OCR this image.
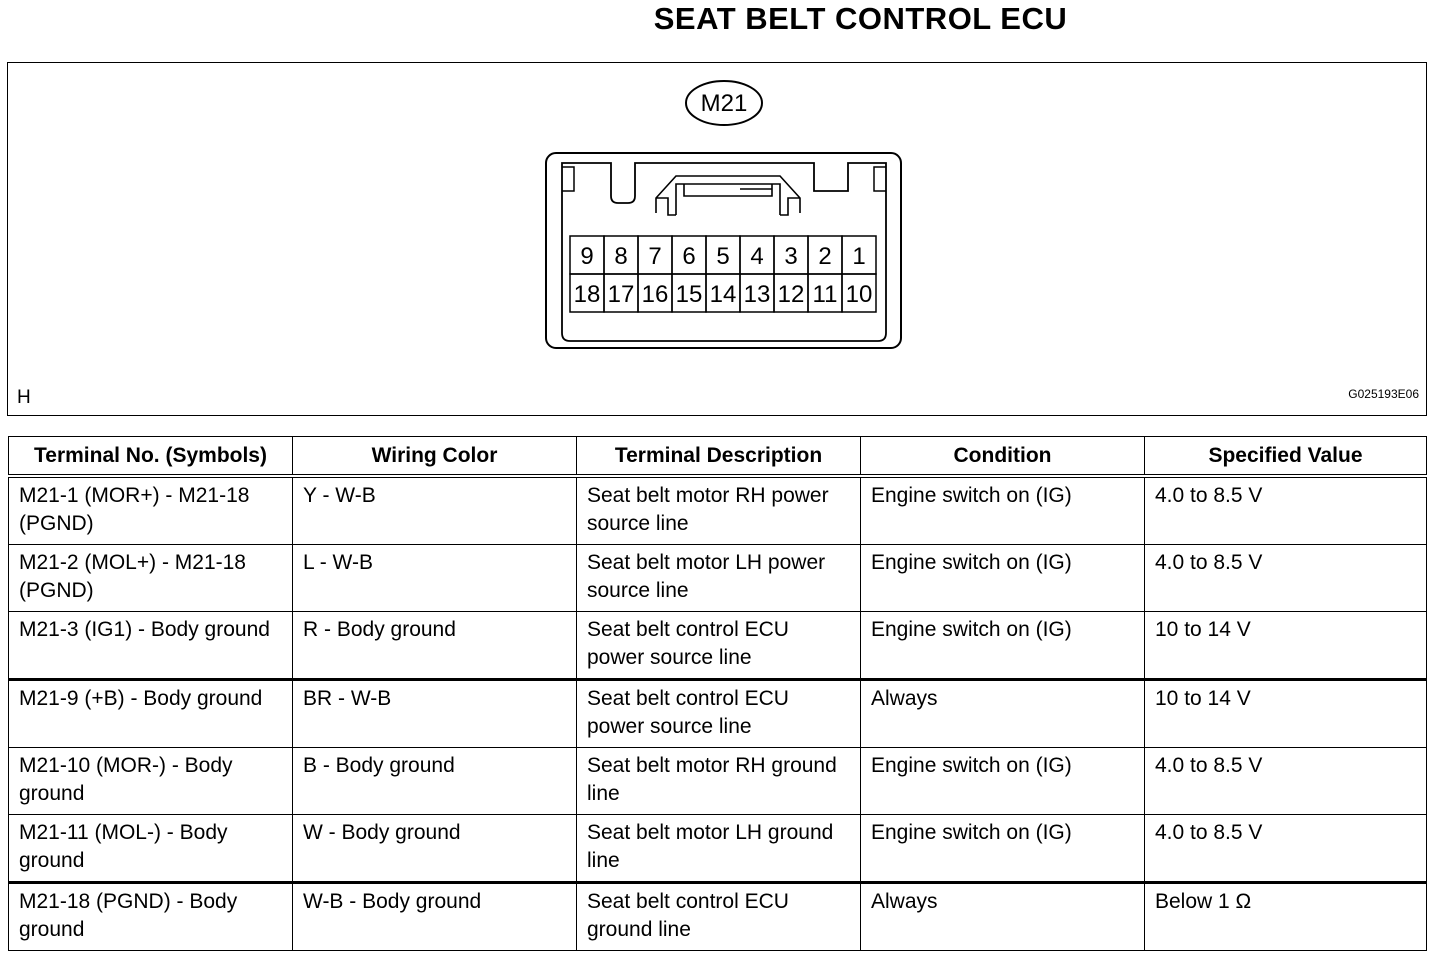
SEAT BELT CONTROL ECU
M21
9 8 7 6 5 4 3 2 1
18 17 16 15 14 13 12 11 10
H	G025193E06
Terminal No. (Symbols)	Wiring Color	Terminal Description	Condition	Specified Value
M21-1 (MOR+) - M21-18 (PGND)	Y - W-B	Seat belt motor RH power source line	Engine switch on (IG)	4.0 to 8.5 V
M21-2 (MOL+) - M21-18 (PGND)	L - W-B	Seat belt motor LH power source line	Engine switch on (IG)	4.0 to 8.5 V
M21-3 (IG1) - Body ground	R - Body ground	Seat belt control ECU power source line	Engine switch on (IG)	10 to 14 V
M21-9 (+B) - Body ground	BR - W-B	Seat belt control ECU power source line	Always	10 to 14 V
M21-10 (MOR-) - Body ground	B - Body ground	Seat belt motor RH ground line	Engine switch on (IG)	4.0 to 8.5 V
M21-11 (MOL-) - Body ground	W - Body ground	Seat belt motor LH ground line	Engine switch on (IG)	4.0 to 8.5 V
M21-18 (PGND) - Body ground	W-B - Body ground	Seat belt control ECU ground line	Always	Below 1 Ω
